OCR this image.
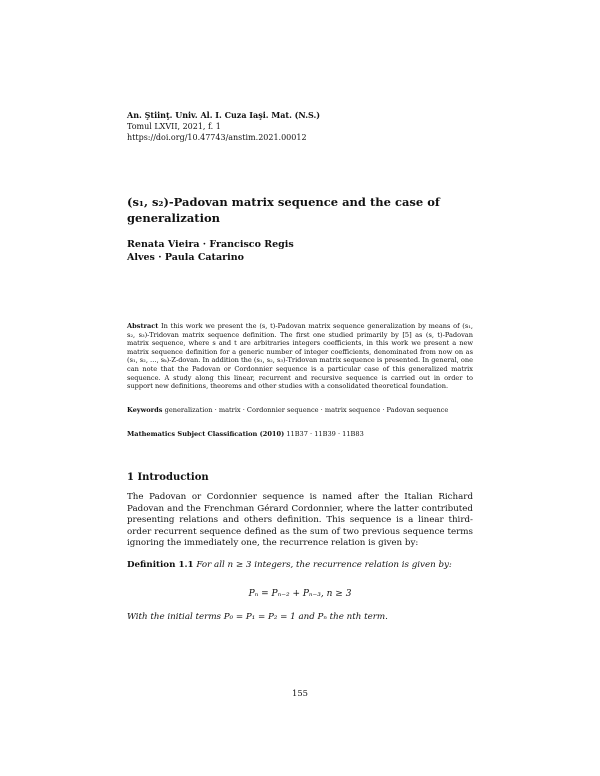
An. Ştiinţ. Univ. Al. I. Cuza Iaşi. Mat. (N.S.)
Tomul LXVII, 2021, f. 1
https://doi.org/10.47743/anstim.2021.00012
(s₁, s₂)-Padovan matrix sequence and the case of generalization
Renata Vieira · Francisco Regis
Alves · Paula Catarino
Abstract In this work we present the (s, t)-Padovan matrix sequence generalization by means of (s₁, s₂, s₃)-Tridovan matrix sequence definition. The first one studied primarily by [5] as (s, t)-Padovan matrix sequence, where s and t are arbitraries integers coefficients, in this work we present a new matrix sequence definition for a generic number of integer coefficients, denominated from now on as (s₁, s₂, …, sₖ)-Z-dovan. In addition the (s₁, s₂, s₃)-Tridovan matrix sequence is presented. In general, one can note that the Padovan or Cordonnier sequence is a particular case of this generalized matrix sequence. A study along this linear, recurrent and recursive sequence is carried out in order to support new definitions, theorems and other studies with a consolidated theoretical foundation.
Keywords generalization · matrix · Cordonnier sequence · matrix sequence · Padovan sequence
Mathematics Subject Classification (2010) 11B37 · 11B39 · 11B83
1 Introduction
The Padovan or Cordonnier sequence is named after the Italian Richard Padovan and the Frenchman Gérard Cordonnier, where the latter contributed presenting relations and others definition. This sequence is a linear third-order recurrent sequence defined as the sum of two previous sequence terms ignoring the immediately one, the recurrence relation is given by:
Definition 1.1 For all n ≥ 3 integers, the recurrence relation is given by:
Pₙ = Pₙ₋₂ + Pₙ₋₃, n ≥ 3
With the initial terms P₀ = P₁ = P₂ = 1 and Pₙ the nth term.
155
